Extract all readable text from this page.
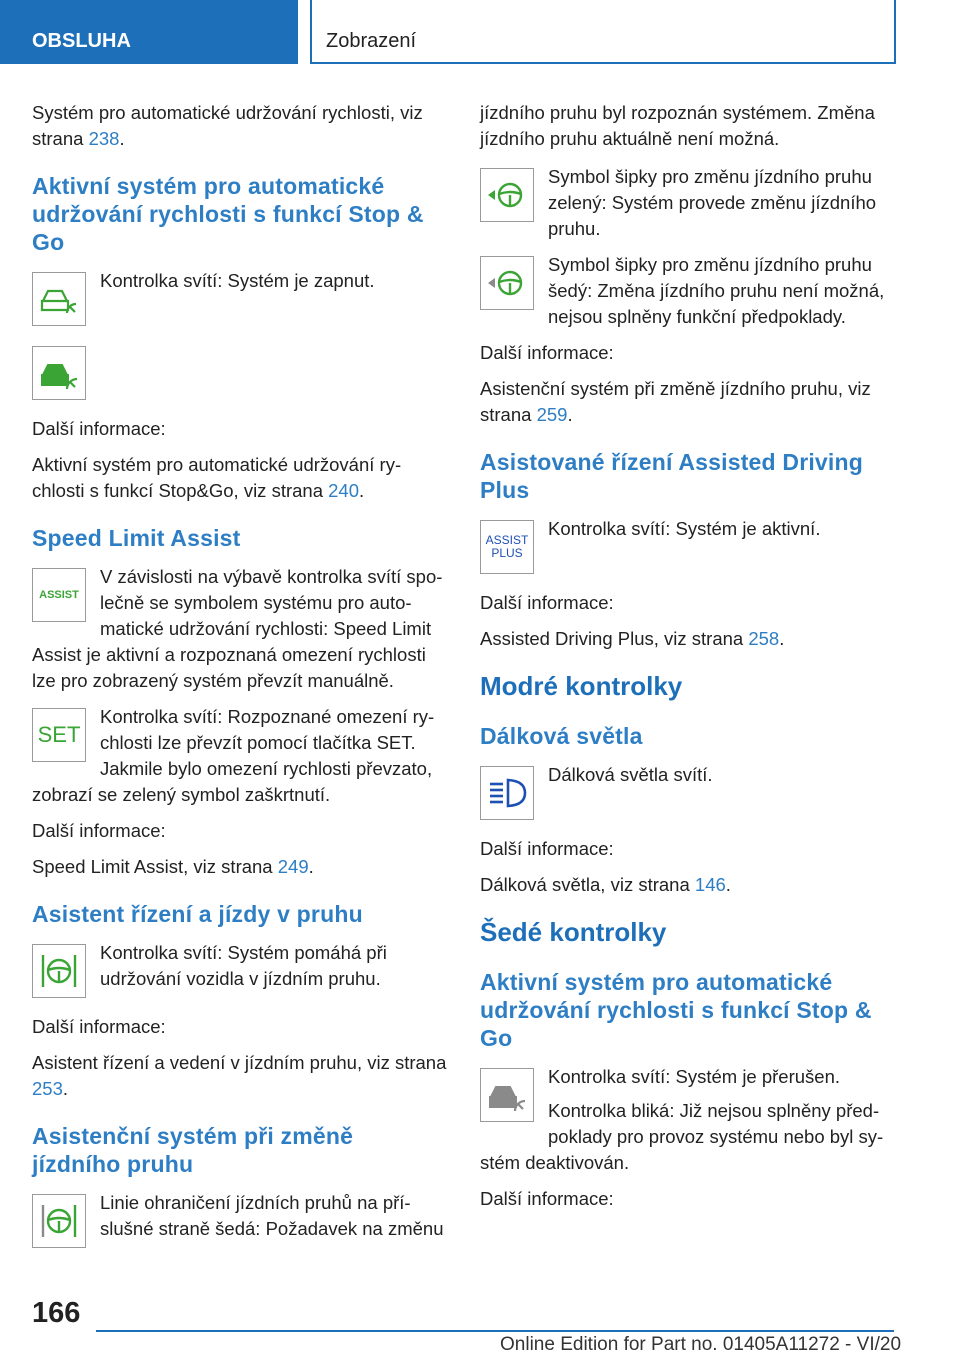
OBSLUHA	Zobrazení

Systém pro automatické udržování rychlosti, viz strana 238.

Aktivní systém pro automatické udržování rychlosti s funkcí Stop & Go

Kontrolka svítí: Systém je zapnut.

Další informace:

Aktivní systém pro automatické udržování ry-chlosti s funkcí Stop&Go, viz strana 240.

Speed Limit Assist
ASSIST

V závislosti na výbavě kontrolka svítí spo-lečně se symbolem systému pro auto-matické udržování rychlosti: Speed Limit Assist je aktivní a rozpoznaná omezení rychlosti lze pro zobrazený systém převzít manuálně.

SET

Kontrolka svítí: Rozpoznané omezení ry-chlosti lze převzít pomocí tlačítka SET. Jakmile bylo omezení rychlosti převzato, zobrazí se zelený symbol zaškrtnutí.

Další informace:

Speed Limit Assist, viz strana 249.

Asistent řízení a jízdy v pruhu

Kontrolka svítí: Systém pomáhá při udržování vozidla v jízdním pruhu.

Další informace:

Asistent řízení a vedení v jízdním pruhu, viz strana 253.

Asistenční systém při změně jízdního pruhu

Linie ohraničení jízdních pruhů na pří-slušné straně šedá: Požadavek na změnu

jízdního pruhu byl rozpoznán systémem. Změna jízdního pruhu aktuálně není možná.

Symbol šipky pro změnu jízdního pruhu zelený: Systém provede změnu jízdního pruhu.

Symbol šipky pro změnu jízdního pruhu šedý: Změna jízdního pruhu není možná, nejsou splněny funkční předpoklady.

Další informace:

Asistenční systém při změně jízdního pruhu, viz strana 259.

Asistované řízení Assisted Driving Plus
ASSIST
PLUS

Kontrolka svítí: Systém je aktivní.

Další informace:

Assisted Driving Plus, viz strana 258.

Modré kontrolky
Dálková světla

Dálková světla svítí.

Další informace:

Dálková světla, viz strana 146.

Šedé kontrolky
Aktivní systém pro automatické udržování rychlosti s funkcí Stop & Go

Kontrolka svítí: Systém je přerušen.

Kontrolka bliká: Již nejsou splněny před-poklady pro provoz systému nebo byl sy-stém deaktivován.

Další informace:

166
Online Edition for Part no. 01405A11272 - VI/20
